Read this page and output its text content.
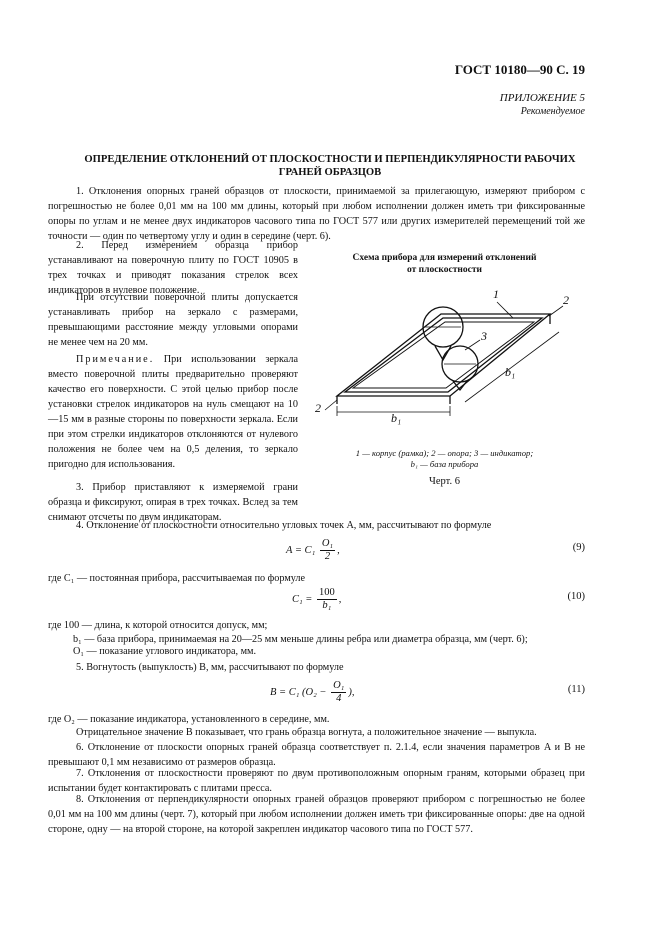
ГОСТ 10180—90 С. 19
ПРИЛОЖЕНИЕ 5
Рекомендуемое
ОПРЕДЕЛЕНИЕ ОТКЛОНЕНИЙ ОТ ПЛОСКОСТНОСТИ И ПЕРПЕНДИКУЛЯРНОСТИ РАБОЧИХ
ГРАНЕЙ ОБРАЗЦОВ

1. Отклонения опорных граней образцов от плоскости, принимаемой за прилегающую, измеряют прибором с погрешностью не более 0,01 мм на 100 мм длины, который при любом исполнении должен иметь три фиксированные опоры по углам и не менее двух индикаторов часового типа по ГОСТ 577 или других измерителей перемещений той же точности — один по четвертому углу и один в середине (черт. 6).

2. Перед измерением образца прибор устанавливают на поверочную плиту по ГОСТ 10905 в трех точках и приводят показания стрелок всех индикаторов в нулевое положение.

При отсутствии поверочной плиты допускается устанавливать прибор на зеркало с размерами, превышающими расстояние между угловыми опорами не менее чем на 20 мм.

Примечание. При использовании зеркала вместо поверочной плиты предварительно проверяют качество его поверхности. С этой целью прибор после установки стрелок индикаторов на нуль смещают на 10—15 мм в разные стороны по поверхности зеркала. Если при этом стрелки индикаторов отклоняются от нулевого положения не более чем на 0,5 деления, то зеркало пригодно для использования.

Схема прибора для измерений отклонений
от плоскостности
1	2
2
3
b₁
b₁
1 — корпус (рамка); 2 — опора; 3 — индикатор;
b₁ — база прибора
Черт. 6

3. Прибор приставляют к измеряемой грани образца и фиксируют, опирая в трех точках. Вслед за тем снимают отсчеты по двум индикаторам.

4. Отклонение от плоскостности относительно угловых точек A, мм, рассчитывают по формуле

$A = C_1 \frac{\text{O₁}}{2}$ ,	(9)

где C₁ — постоянная прибора, рассчитываемая по формуле

$C_1 = \frac{100}{\text{b₁}}$ ,	(10)

где 100 — длина, к которой относится допуск, мм;

b₁ — база прибора, принимаемая на 20—25 мм меньше длины ребра или диаметра образца, мм (черт. 6);

O₁ — показание углового индикатора, мм.

5. Вогнутость (выпуклость) B, мм, рассчитывают по формуле

B = C₁ ($O_2 - \frac{\text{O₁}}{4}$ ),	(11)

где O₂ — показание индикатора, установленного в середине, мм.

Отрицательное значение B показывает, что грань образца вогнута, а положительное значение — выпукла.

6. Отклонение от плоскости опорных граней образца соответствует п. 2.1.4, если значения параметров A и B не превышают 0,1 мм независимо от размеров образца.

7. Отклонения от плоскостности проверяют по двум противоположным опорным граням, которыми образец при испытании будет контактировать с плитами пресса.

8. Отклонения от перпендикулярности опорных граней образцов проверяют прибором с погрешностью не более 0,01 мм на 100 мм длины (черт. 7), который при любом исполнении должен иметь три фиксированные опоры: две на одной стороне, одну — на второй стороне, на которой закреплен индикатор часового типа по ГОСТ 577.
